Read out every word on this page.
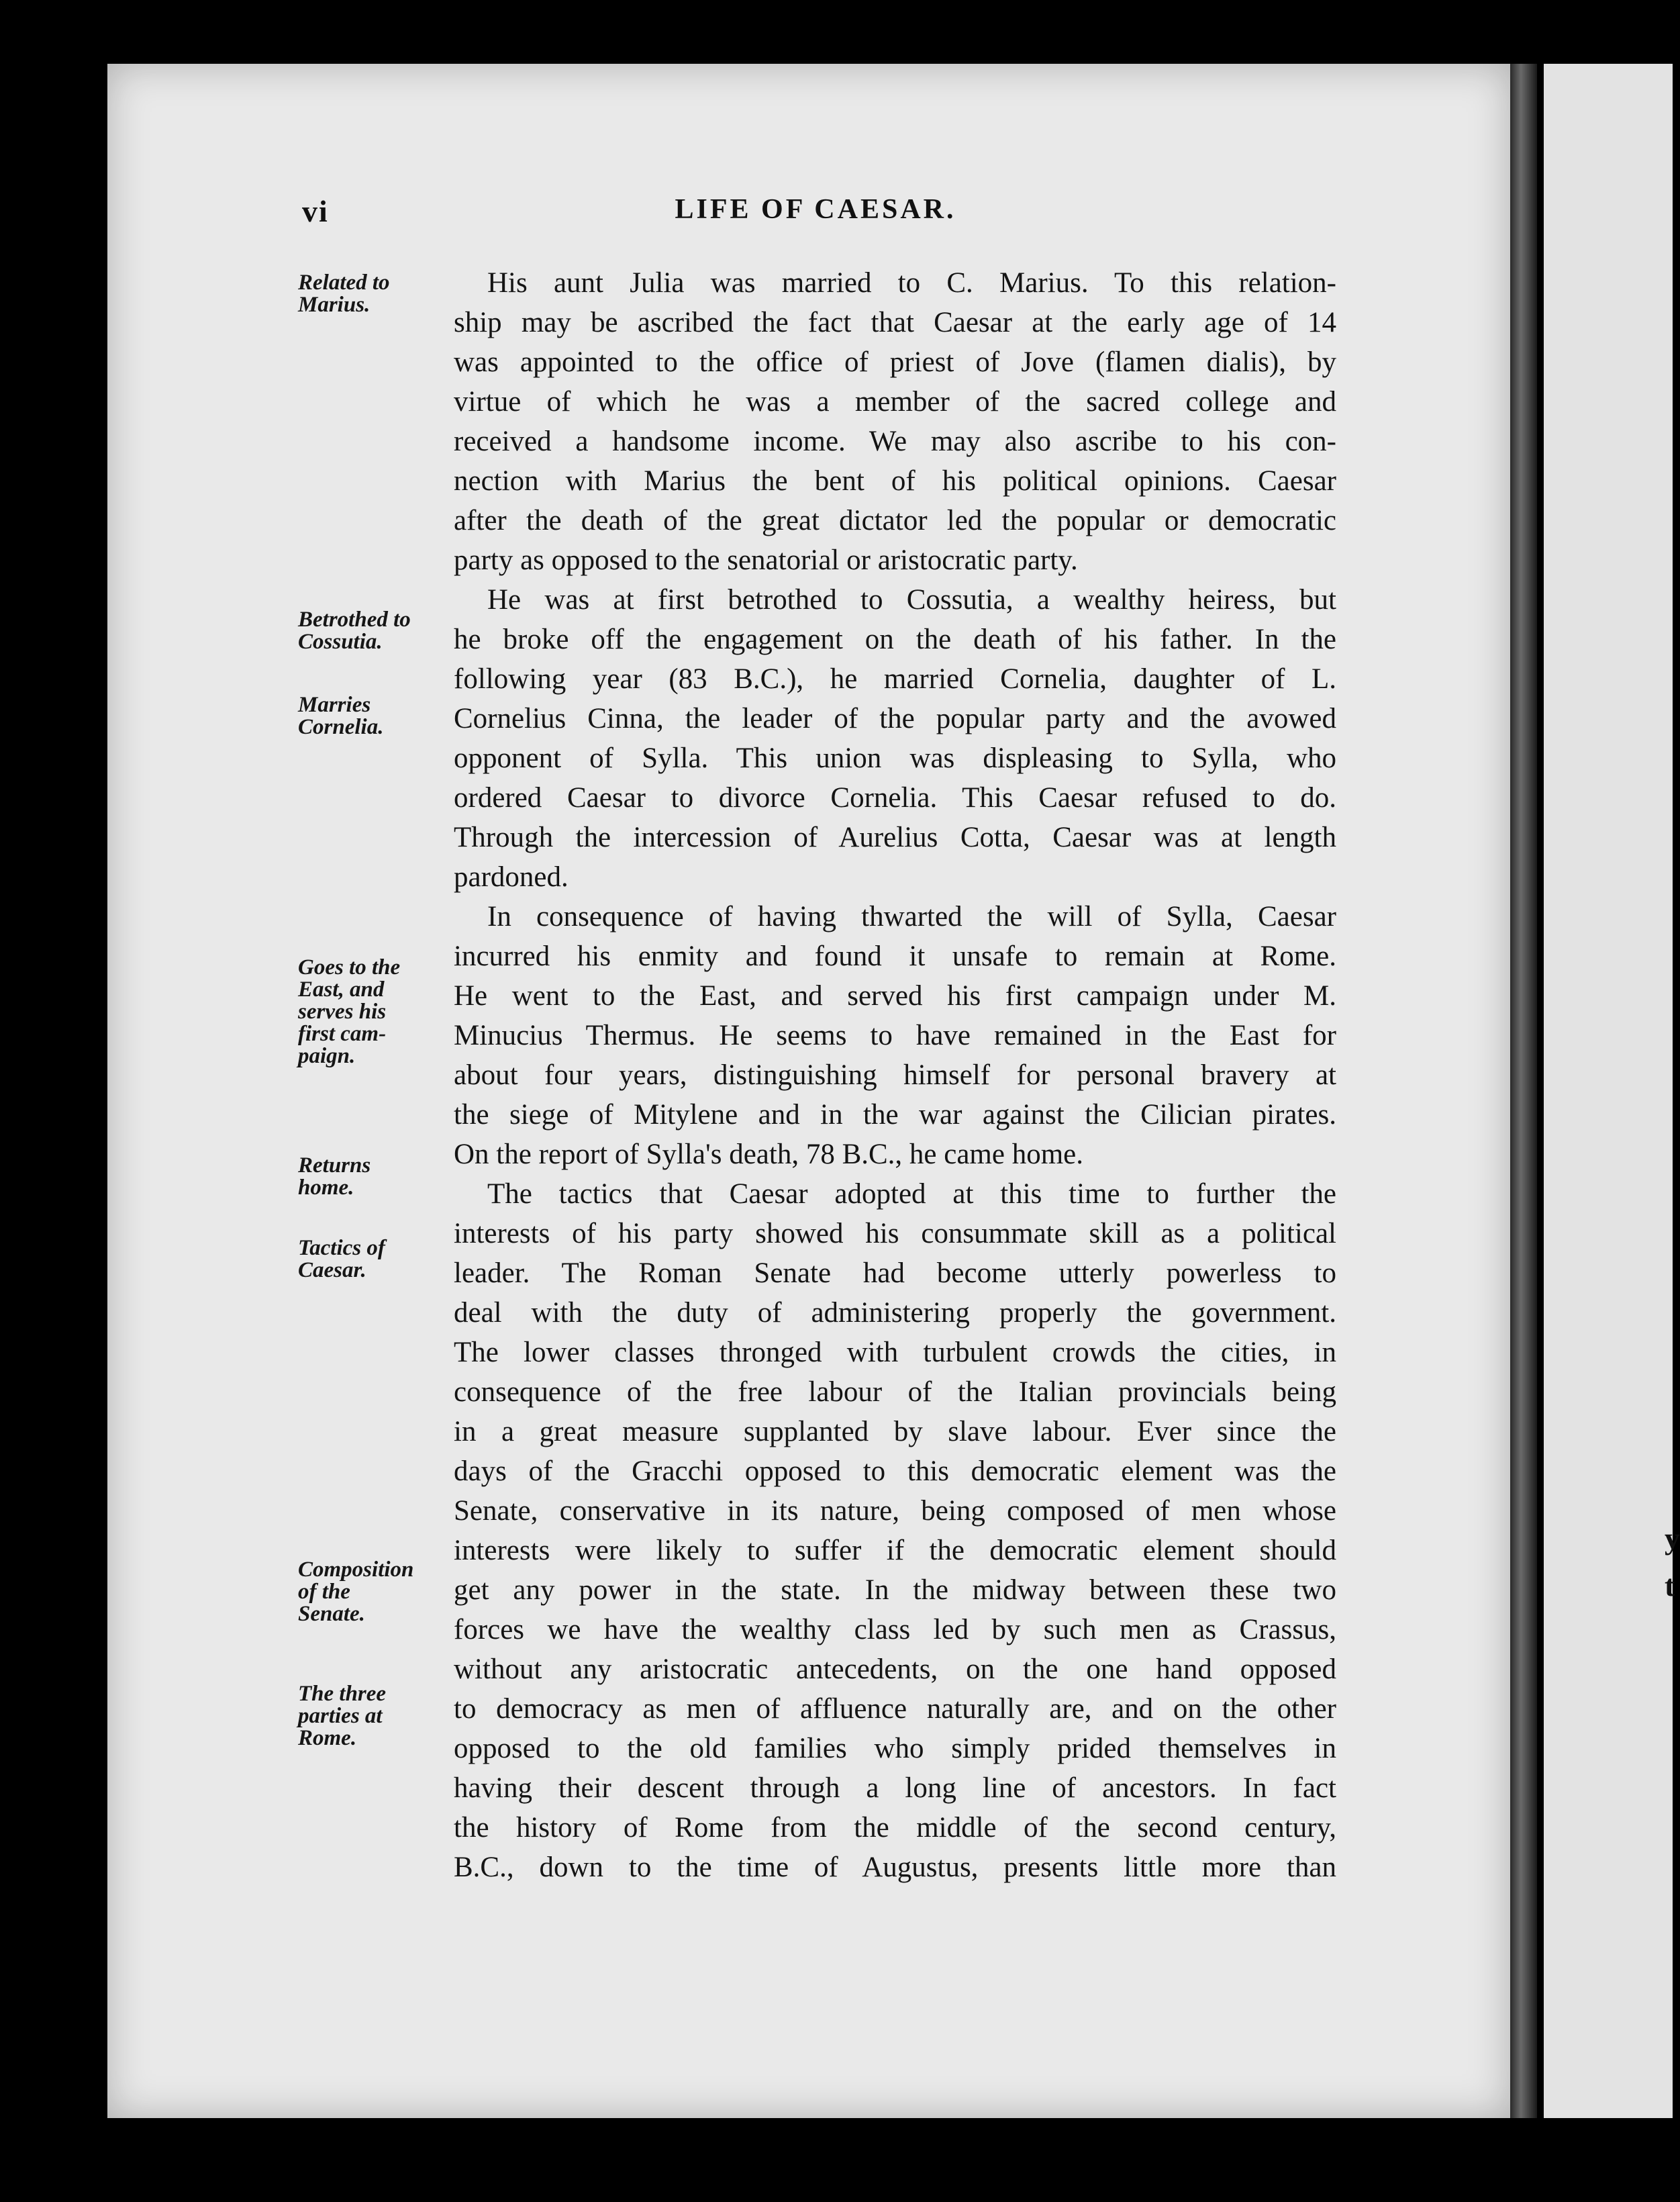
y
t
vi	LIFE OF CAESAR.
Related to
Marius.
Betrothed to
Cossutia.
Marries
Cornelia.
Goes to the
East, and
serves his
first cam-
paign.
Returns
home.
Tactics of
Caesar.
Composition
of the
Senate.
The three
parties at
Rome.
His aunt Julia was married to C. Marius. To this relation-
ship may be ascribed the fact that Caesar at the early age of 14
was appointed to the office of priest of Jove (flamen dialis), by
virtue of which he was a member of the sacred college and
received a handsome income. We may also ascribe to his con-
nection with Marius the bent of his political opinions. Caesar
after the death of the great dictator led the popular or democratic
party as opposed to the senatorial or aristocratic party.
He was at first betrothed to Cossutia, a wealthy heiress, but
he broke off the engagement on the death of his father. In the
following year (83 B.C.), he married Cornelia, daughter of L.
Cornelius Cinna, the leader of the popular party and the avowed
opponent of Sylla. This union was displeasing to Sylla, who
ordered Caesar to divorce Cornelia. This Caesar refused to do.
Through the intercession of Aurelius Cotta, Caesar was at length
pardoned.
In consequence of having thwarted the will of Sylla, Caesar
incurred his enmity and found it unsafe to remain at Rome.
He went to the East, and served his first campaign under M.
Minucius Thermus. He seems to have remained in the East for
about four years, distinguishing himself for personal bravery at
the siege of Mitylene and in the war against the Cilician pirates.
On the report of Sylla's death, 78 B.C., he came home.
The tactics that Caesar adopted at this time to further the
interests of his party showed his consummate skill as a political
leader. The Roman Senate had become utterly powerless to
deal with the duty of administering properly the government.
The lower classes thronged with turbulent crowds the cities, in
consequence of the free labour of the Italian provincials being
in a great measure supplanted by slave labour. Ever since the
days of the Gracchi opposed to this democratic element was the
Senate, conservative in its nature, being composed of men whose
interests were likely to suffer if the democratic element should
get any power in the state. In the midway between these two
forces we have the wealthy class led by such men as Crassus,
without any aristocratic antecedents, on the one hand opposed
to democracy as men of affluence naturally are, and on the other
opposed to the old families who simply prided themselves in
having their descent through a long line of ancestors. In fact
the history of Rome from the middle of the second century,
B.C., down to the time of Augustus, presents little more than
